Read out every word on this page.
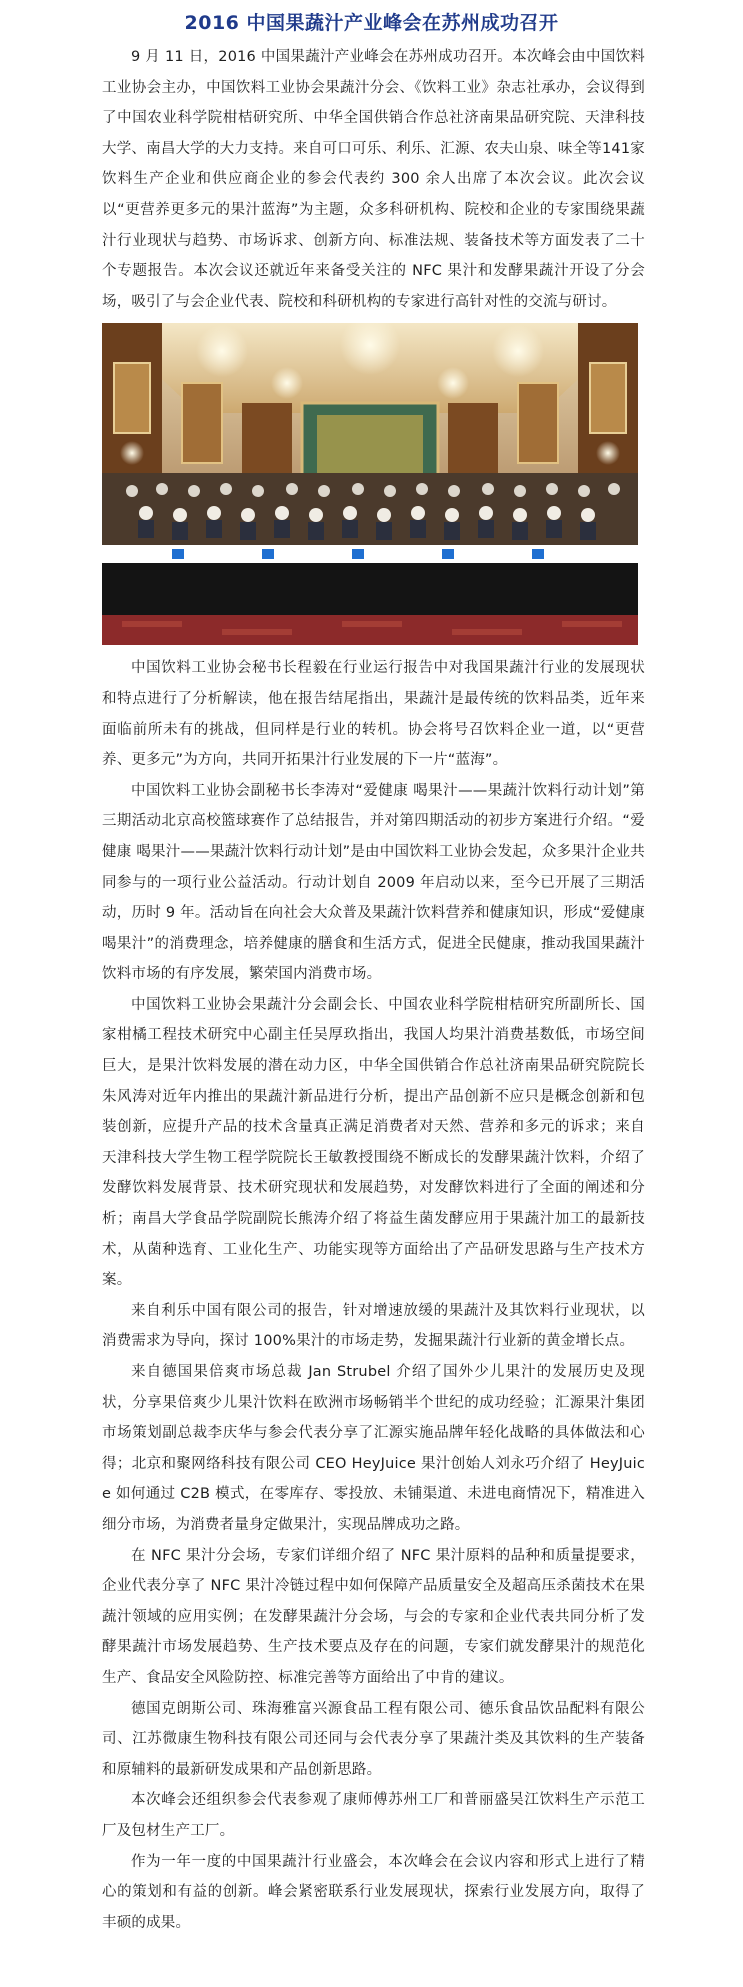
2016 中国果蔬汁产业峰会在苏州成功召开

9 月 11 日，2016 中国果蔬汁产业峰会在苏州成功召开。本次峰会由中国饮料工业协会主办，中国饮料工业协会果蔬汁分会、《饮料工业》杂志社承办，会议得到了中国农业科学院柑桔研究所、中华全国供销合作总社济南果品研究院、天津科技大学、南昌大学的大力支持。来自可口可乐、利乐、汇源、农夫山泉、味全等141家饮料生产企业和供应商企业的参会代表约 300 余人出席了本次会议。此次会议以“更营养更多元的果汁蓝海”为主题，众多科研机构、院校和企业的专家围绕果蔬汁行业现状与趋势、市场诉求、创新方向、标准法规、装备技术等方面发表了二十个专题报告。本次会议还就近年来备受关注的 NFC 果汁和发酵果蔬汁开设了分会场，吸引了与会企业代表、院校和科研机构的专家进行高针对性的交流与研讨。

中国饮料工业协会秘书长程毅在行业运行报告中对我国果蔬汁行业的发展现状和特点进行了分析解读，他在报告结尾指出，果蔬汁是最传统的饮料品类，近年来面临前所未有的挑战，但同样是行业的转机。协会将号召饮料企业一道，以“更营养、更多元”为方向，共同开拓果汁行业发展的下一片“蓝海”。

中国饮料工业协会副秘书长李涛对“爱健康 喝果汁——果蔬汁饮料行动计划”第三期活动北京高校篮球赛作了总结报告，并对第四期活动的初步方案进行介绍。“爱健康 喝果汁——果蔬汁饮料行动计划”是由中国饮料工业协会发起，众多果汁企业共同参与的一项行业公益活动。行动计划自 2009 年启动以来，至今已开展了三期活动，历时 9 年。活动旨在向社会大众普及果蔬汁饮料营养和健康知识，形成“爱健康 喝果汁”的消费理念，培养健康的膳食和生活方式，促进全民健康，推动我国果蔬汁饮料市场的有序发展，繁荣国内消费市场。

中国饮料工业协会果蔬汁分会副会长、中国农业科学院柑桔研究所副所长、国家柑橘工程技术研究中心副主任吴厚玖指出，我国人均果汁消费基数低，市场空间巨大，是果汁饮料发展的潜在动力区，中华全国供销合作总社济南果品研究院院长朱风涛对近年内推出的果蔬汁新品进行分析，提出产品创新不应只是概念创新和包装创新，应提升产品的技术含量真正满足消费者对天然、营养和多元的诉求；来自天津科技大学生物工程学院院长王敏教授围绕不断成长的发酵果蔬汁饮料，介绍了发酵饮料发展背景、技术研究现状和发展趋势，对发酵饮料进行了全面的阐述和分析；南昌大学食品学院副院长熊涛介绍了将益生菌发酵应用于果蔬汁加工的最新技术，从菌种选育、工业化生产、功能实现等方面给出了产品研发思路与生产技术方案。

来自利乐中国有限公司的报告，针对增速放缓的果蔬汁及其饮料行业现状，以消费需求为导向，探讨 100%果汁的市场走势，发掘果蔬汁行业新的黄金增长点。

来自德国果倍爽市场总裁 Jan Strubel 介绍了国外少儿果汁的发展历史及现状，分享果倍爽少儿果汁饮料在欧洲市场畅销半个世纪的成功经验；汇源果汁集团市场策划副总裁李庆华与参会代表分享了汇源实施品牌年轻化战略的具体做法和心得；北京和聚网络科技有限公司 CEO HeyJuice 果汁创始人刘永巧介绍了 HeyJuice 如何通过 C2B 模式，在零库存、零投放、未铺渠道、未进电商情况下，精准进入细分市场，为消费者量身定做果汁，实现品牌成功之路。

在 NFC 果汁分会场，专家们详细介绍了 NFC 果汁原料的品种和质量提要求，企业代表分享了 NFC 果汁冷链过程中如何保障产品质量安全及超高压杀菌技术在果蔬汁领域的应用实例；在发酵果蔬汁分会场，与会的专家和企业代表共同分析了发酵果蔬汁市场发展趋势、生产技术要点及存在的问题，专家们就发酵果汁的规范化生产、食品安全风险防控、标准完善等方面给出了中肯的建议。

德国克朗斯公司、珠海雅富兴源食品工程有限公司、德乐食品饮品配料有限公司、江苏微康生物科技有限公司还同与会代表分享了果蔬汁类及其饮料的生产装备和原辅料的最新研发成果和产品创新思路。

本次峰会还组织参会代表参观了康师傅苏州工厂和普丽盛吴江饮料生产示范工厂及包材生产工厂。

作为一年一度的中国果蔬汁行业盛会，本次峰会在会议内容和形式上进行了精心的策划和有益的创新。峰会紧密联系行业发展现状，探索行业发展方向，取得了丰硕的成果。
